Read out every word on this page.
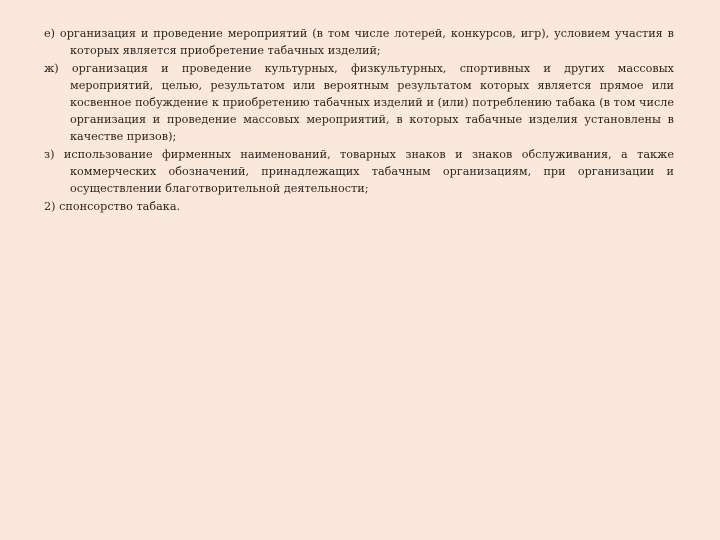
е) организация и проведение мероприятий (в том числе лотерей, конкурсов, игр), условием участия в которых является приобретение табачных изделий;

ж) организация и проведение культурных, физкультурных, спортивных и других массовых мероприятий, целью, результатом или вероятным результатом которых является прямое или косвенное побуждение к приобретению табачных изделий и (или) потреблению табака (в том числе организация и проведение массовых мероприятий, в которых табачные изделия установлены в качестве призов);

з) использование фирменных наименований, товарных знаков и знаков обслуживания, а также коммерческих обозначений, принадлежащих табачным организациям, при организации и осуществлении благотворительной деятельности;

2) спонсорство табака.
